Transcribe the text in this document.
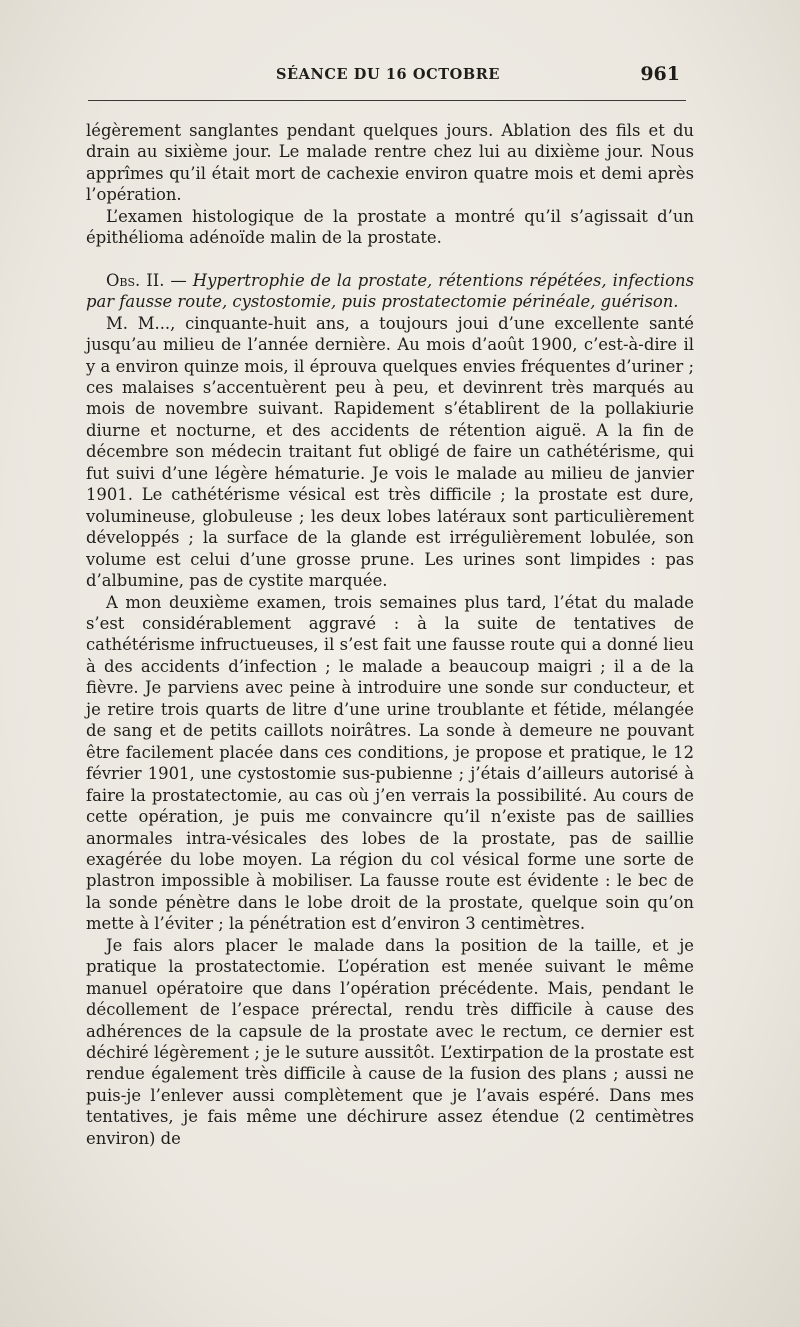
SÉANCE DU 16 OCTOBRE	961

légèrement sanglantes pendant quelques jours. Ablation des fils et du drain au sixième jour. Le malade rentre chez lui au dixième jour. Nous apprîmes qu’il était mort de cachexie environ quatre mois et demi après l’opération.

L’examen histologique de la prostate a montré qu’il s’agissait d’un épithélioma adénoïde malin de la prostate.

Obs. II. — Hypertrophie de la prostate, rétentions répétées, infections par fausse route, cystostomie, puis prostatectomie périnéale, guérison.

M. M..., cinquante-huit ans, a toujours joui d’une excellente santé jusqu’au milieu de l’année dernière. Au mois d’août 1900, c’est-à-dire il y a environ quinze mois, il éprouva quelques envies fréquentes d’uriner ; ces malaises s’accentuèrent peu à peu, et devinrent très marqués au mois de novembre suivant. Rapidement s’établirent de la pollakiurie diurne et nocturne, et des accidents de rétention aiguë. A la fin de décembre son médecin traitant fut obligé de faire un cathétérisme, qui fut suivi d’une légère hématurie. Je vois le malade au milieu de janvier 1901. Le cathétérisme vésical est très difficile ; la prostate est dure, volumineuse, globuleuse ; les deux lobes latéraux sont particulièrement développés ; la surface de la glande est irrégulièrement lobulée, son volume est celui d’une grosse prune. Les urines sont limpides : pas d’albumine, pas de cystite marquée.

A mon deuxième examen, trois semaines plus tard, l’état du malade s’est considérablement aggravé : à la suite de tentatives de cathétérisme infructueuses, il s’est fait une fausse route qui a donné lieu à des accidents d’infection ; le malade a beaucoup maigri ; il a de la fièvre. Je parviens avec peine à introduire une sonde sur conducteur, et je retire trois quarts de litre d’une urine troublante et fétide, mélangée de sang et de petits caillots noirâtres. La sonde à demeure ne pouvant être facilement placée dans ces conditions, je propose et pratique, le 12 février 1901, une cystostomie sus-pubienne ; j’étais d’ailleurs autorisé à faire la prostatectomie, au cas où j’en verrais la possibilité. Au cours de cette opération, je puis me convaincre qu’il n’existe pas de saillies anormales intra-vésicales des lobes de la prostate, pas de saillie exagérée du lobe moyen. La région du col vésical forme une sorte de plastron impossible à mobiliser. La fausse route est évidente : le bec de la sonde pénètre dans le lobe droit de la prostate, quelque soin qu’on mette à l’éviter ; la pénétration est d’environ 3 centimètres.

Je fais alors placer le malade dans la position de la taille, et je pratique la prostatectomie. L’opération est menée suivant le même manuel opératoire que dans l’opération précédente. Mais, pendant le décollement de l’espace prérectal, rendu très difficile à cause des adhérences de la capsule de la prostate avec le rectum, ce dernier est déchiré légèrement ; je le suture aussitôt. L’extirpation de la prostate est rendue également très difficile à cause de la fusion des plans ; aussi ne puis-je l’enlever aussi complètement que je l’avais espéré. Dans mes tentatives, je fais même une déchirure assez étendue (2 centimètres environ) de
